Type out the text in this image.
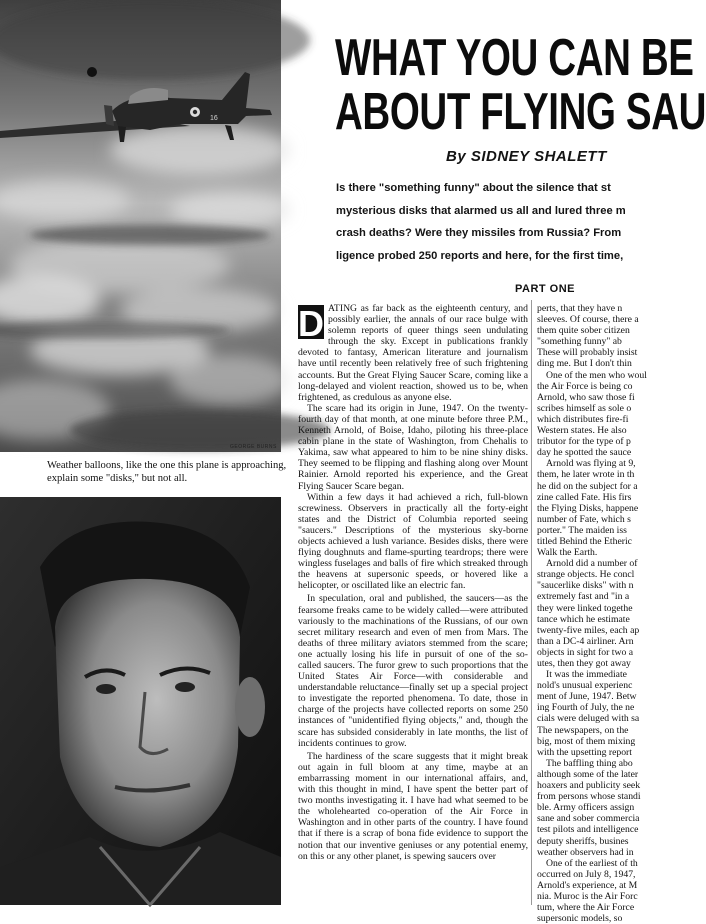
16
GEORGE BURNS
Weather balloons, like the one this plane is approaching, explain some "disks," but not all.
WHAT YOU CAN BE
ABOUT FLYING SAU
By SIDNEY SHALETT
Is there "something funny" about the silence that st
mysterious disks that alarmed us all and lured three m
crash deaths? Were they missiles from Russia? From
ligence probed 250 reports and here, for the first time,
PART ONE
D ATING as far back as the eighteenth century, and possibly earlier, the annals of our race bulge with solemn reports of queer things seen undulating through the sky. Except in publications frankly devoted to fantasy, American literature and journalism have until recently been relatively free of such frightening accounts. But the Great Flying Saucer Scare, coming like a long-delayed and violent reaction, showed us to be, when frightened, as credulous as anyone else.

The scare had its origin in June, 1947. On the twenty-fourth day of that month, at one minute before three P.M., Kenneth Arnold, of Boise, Idaho, piloting his three-place cabin plane in the state of Washington, from Chehalis to Yakima, saw what appeared to him to be nine shiny disks. They seemed to be flipping and flashing along over Mount Rainier. Arnold reported his experience, and the Great Flying Saucer Scare began.

Within a few days it had achieved a rich, full-blown screwiness. Observers in practically all the forty-eight states and the District of Columbia reported seeing "saucers." Descriptions of the mysterious sky-borne objects achieved a lush variance. Besides disks, there were flying doughnuts and flame-spurting teardrops; there were wingless fuselages and balls of fire which streaked through the heavens at supersonic speeds, or hovered like a helicopter, or oscillated like an electric fan.

In speculation, oral and published, the saucers—as the fearsome freaks came to be widely called—were attributed variously to the machinations of the Russians, of our own secret military research and even of men from Mars. The deaths of three military aviators stemmed from the scare; one actually losing his life in pursuit of one of the so-called saucers. The furor grew to such proportions that the United States Air Force—with considerable and understandable reluctance—finally set up a special project to investigate the reported phenomena. To date, those in charge of the projects have collected reports on some 250 instances of "unidentified flying objects," and, though the scare has subsided considerably in late months, the list of incidents continues to grow.

The hardiness of the scare suggests that it might break out again in full bloom at any time, maybe at an embarrassing moment in our international affairs, and, with this thought in mind, I have spent the better part of two months investigating it. I have had what seemed to be the wholehearted co-operation of the Air Force in Washington and in other parts of the country. I have found that if there is a scrap of bona fide evidence to support the notion that our inventive geniuses or any potential enemy, on this or any other planet, is spewing saucers over

perts, that they have n

sleeves. Of course, there a

them quite sober citizen

"something funny" ab

These will probably insist

ding me. But I don't thin

One of the men who woul

the Air Force is being co

Arnold, who saw those fi

scribes himself as sole o

which distributes fire-fi

Western states. He also

tributor for the type of p

day he spotted the sauce

Arnold was flying at 9,

them, he later wrote in th

he did on the subject for a

zine called Fate. His firs

the Flying Disks, happene

number of Fate, which s

porter." The maiden iss

titled Behind the Etheric

Walk the Earth.

Arnold did a number of

strange objects. He concl

"saucerlike disks" with n

extremely fast and "in a

they were linked togethe

tance which he estimate

twenty-five miles, each ap

than a DC-4 airliner. Arn

objects in sight for two a

utes, then they got away

It was the immediate

nold's unusual experienc

ment of June, 1947. Betw

ing Fourth of July, the ne

cials were deluged with sa

The newspapers, on the

big, most of them mixing

with the upsetting report

The baffling thing abo

although some of the later

hoaxers and publicity seek

from persons whose standi

ble. Army officers assign

sane and sober commercia

test pilots and intelligence

deputy sheriffs, busines

weather observers had in

One of the earliest of th

occurred on July 8, 1947,

Arnold's experience, at M

nia. Muroc is the Air Forc

tum, where the Air Force

supersonic models, so
